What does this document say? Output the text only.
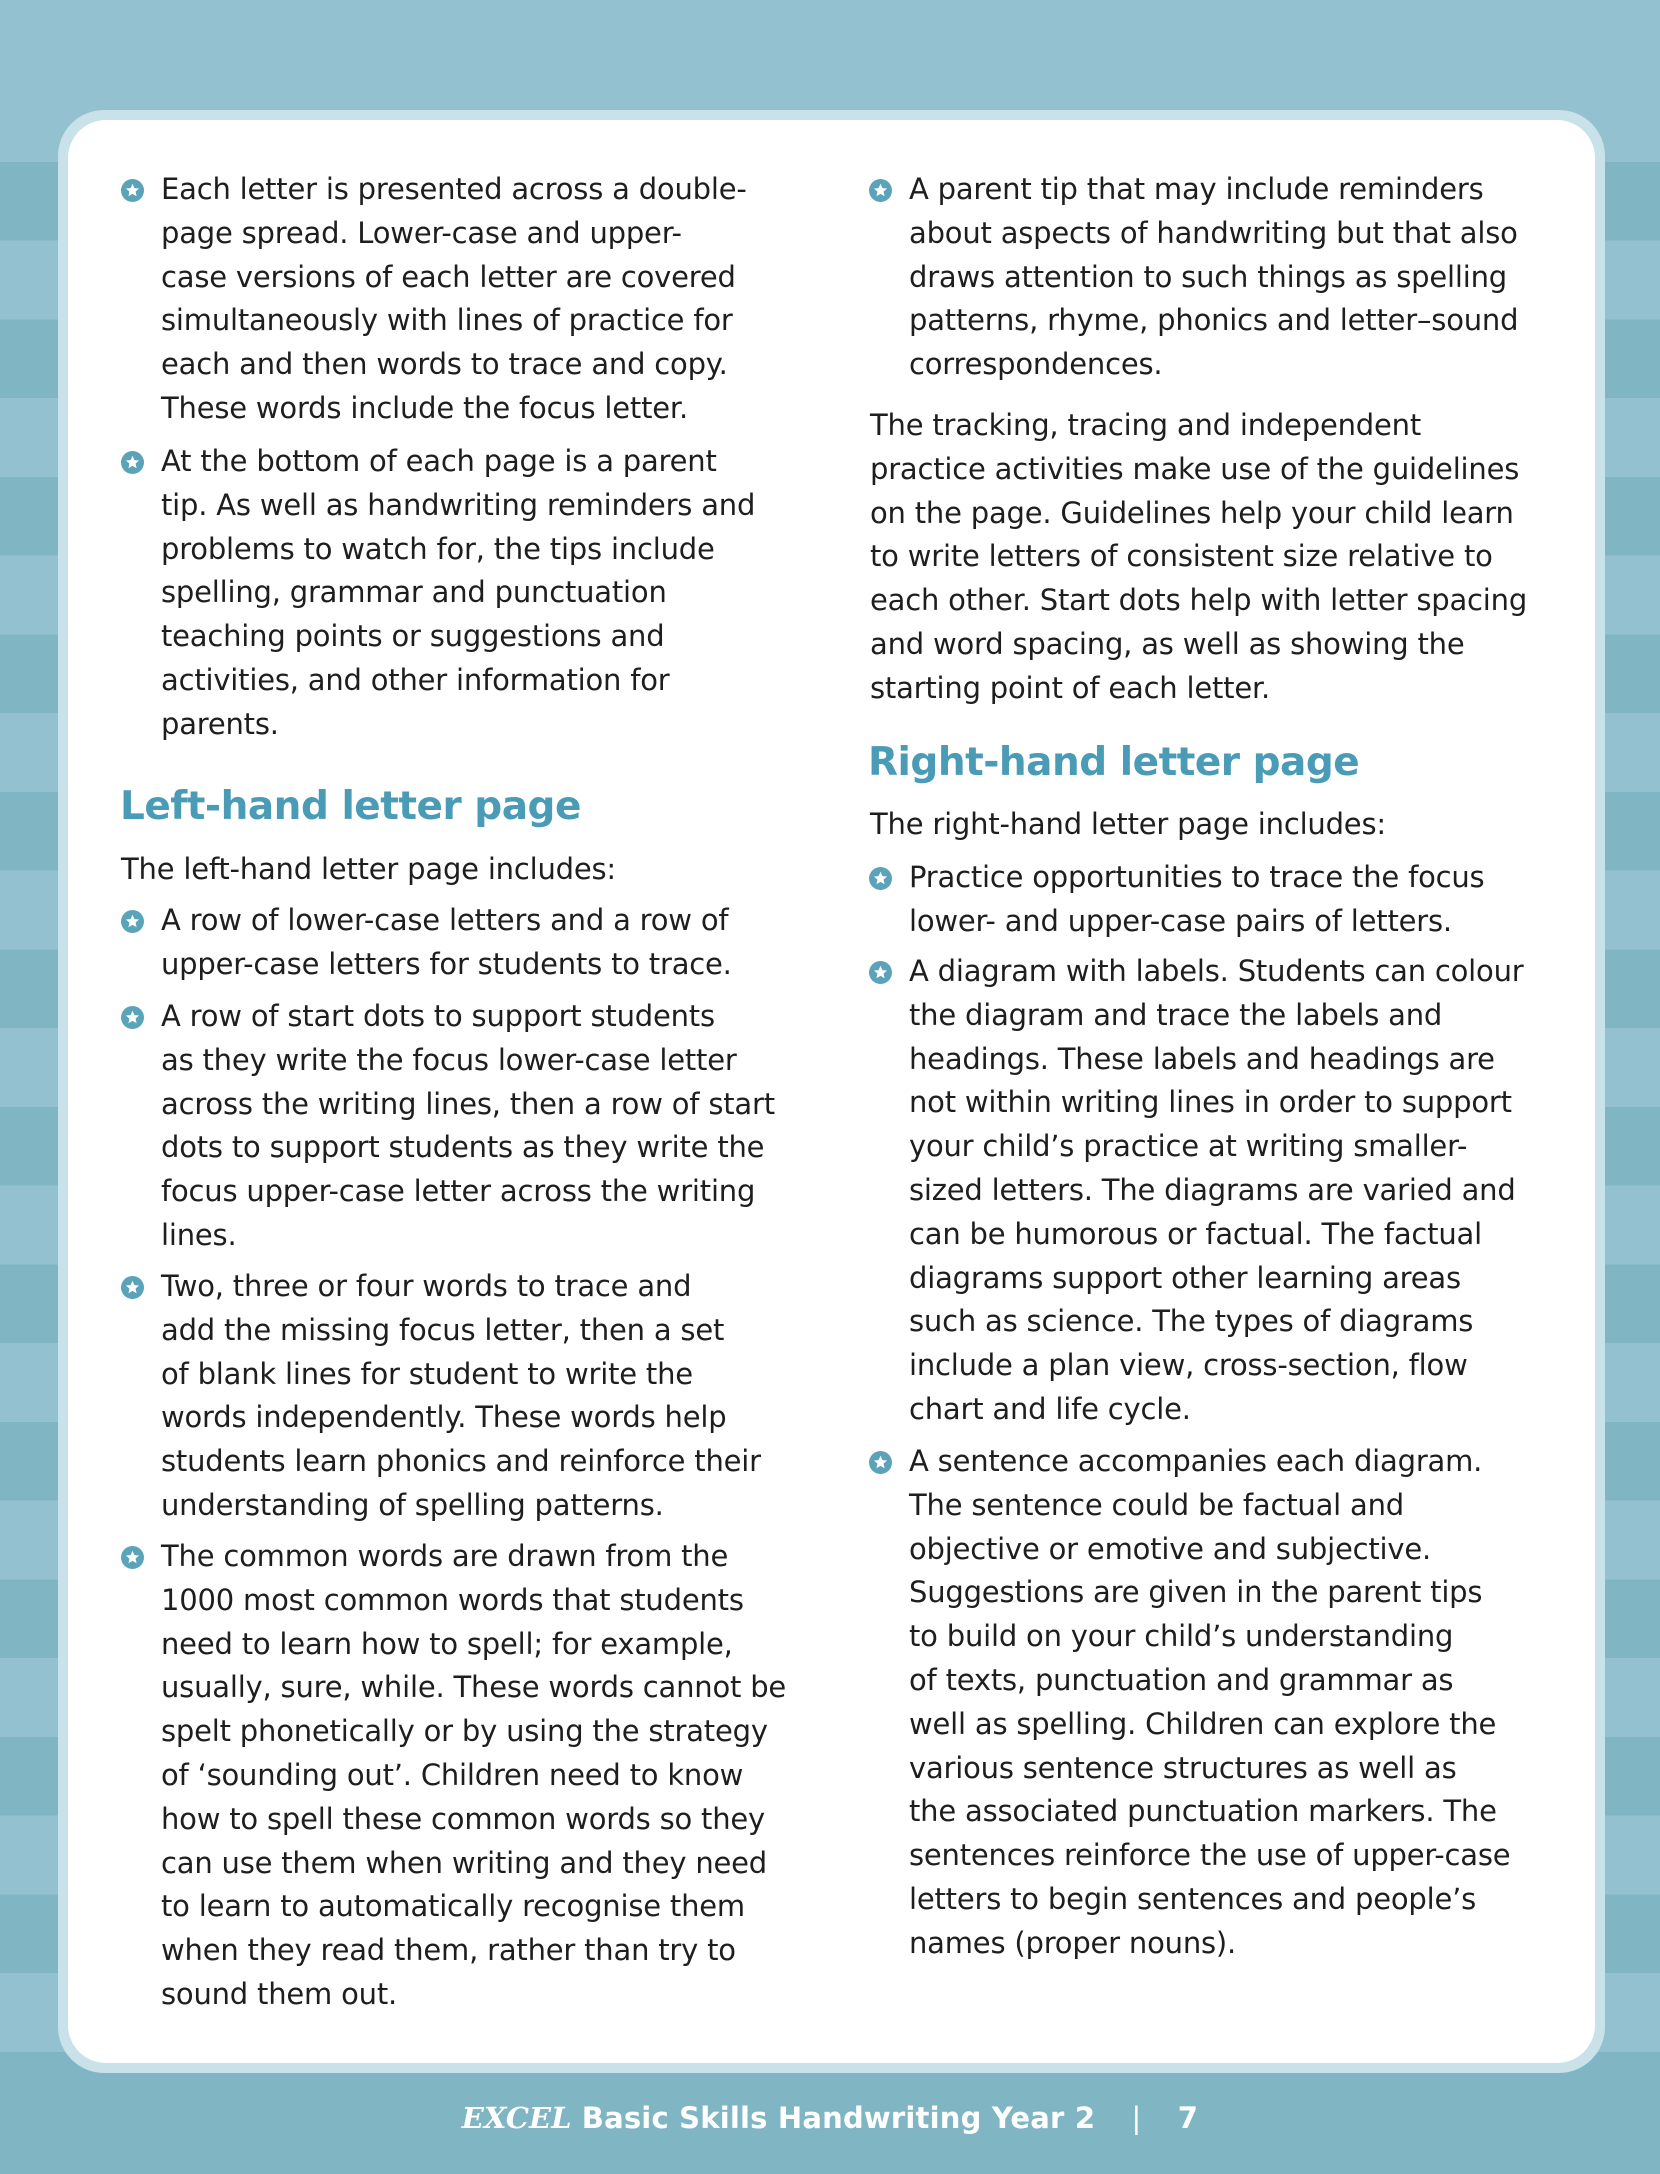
Each letter is presented across a double-
page spread. Lower-case and upper-
case versions of each letter are covered
simultaneously with lines of practice for
each and then words to trace and copy.
These words include the focus letter.
At the bottom of each page is a parent
tip. As well as handwriting reminders and
problems to watch for, the tips include
spelling, grammar and punctuation
teaching points or suggestions and
activities, and other information for
parents.
Left-hand letter page
The left-hand letter page includes:
A row of lower-case letters and a row of
upper-case letters for students to trace.
A row of start dots to support students
as they write the focus lower-case letter
across the writing lines, then a row of start
dots to support students as they write the
focus upper-case letter across the writing
lines.
Two, three or four words to trace and
add the missing focus letter, then a set
of blank lines for student to write the
words independently. These words help
students learn phonics and reinforce their
understanding of spelling patterns.
The common words are drawn from the
1000 most common words that students
need to learn how to spell; for example,
usually, sure, while. These words cannot be
spelt phonetically or by using the strategy
of ‘sounding out’. Children need to know
how to spell these common words so they
can use them when writing and they need
to learn to automatically recognise them
when they read them, rather than try to
sound them out.
A parent tip that may include reminders
about aspects of handwriting but that also
draws attention to such things as spelling
patterns, rhyme, phonics and letter–sound
correspondences.
The tracking, tracing and independent
practice activities make use of the guidelines
on the page. Guidelines help your child learn
to write letters of consistent size relative to
each other. Start dots help with letter spacing
and word spacing, as well as showing the
starting point of each letter.
Right-hand letter page
The right-hand letter page includes:
Practice opportunities to trace the focus
lower- and upper-case pairs of letters.
A diagram with labels. Students can colour
the diagram and trace the labels and
headings. These labels and headings are
not within writing lines in order to support
your child’s practice at writing smaller-
sized letters. The diagrams are varied and
can be humorous or factual. The factual
diagrams support other learning areas
such as science. The types of diagrams
include a plan view, cross-section, flow
chart and life cycle.
A sentence accompanies each diagram.
The sentence could be factual and
objective or emotive and subjective.
Suggestions are given in the parent tips
to build on your child’s understanding
of texts, punctuation and grammar as
well as spelling. Children can explore the
various sentence structures as well as
the associated punctuation markers. The
sentences reinforce the use of upper-case
letters to begin sentences and people’s
names (proper nouns).
EXCEL Basic Skills Handwriting Year 2 | 7
